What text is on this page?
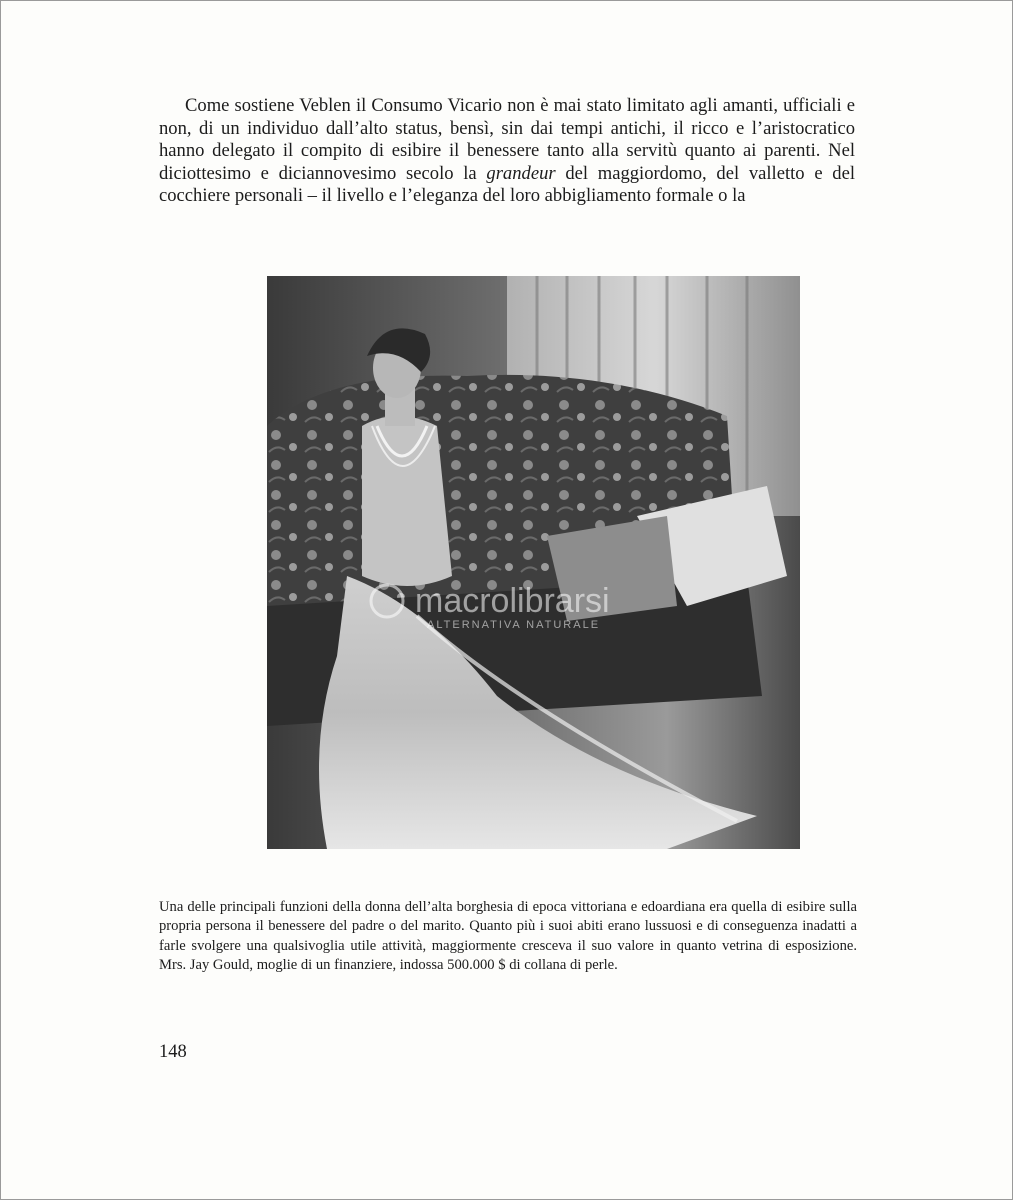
Come sostiene Veblen il Consumo Vicario non è mai stato limitato agli amanti, ufficiali e non, di un individuo dall’alto status, bensì, sin dai tempi antichi, il ricco e l’aristocratico hanno delegato il compito di esibire il benessere tanto alla servitù quanto ai parenti. Nel diciottesimo e diciannovesimo secolo la grandeur del maggiordomo, del valletto e del cocchiere personali – il livello e l’eleganza del loro abbigliamento formale o la

macrolibrarsi
ALTERNATIVA NATURALE

Una delle principali funzioni della donna dell’alta borghesia di epoca vittoriana e edoardiana era quella di esibire sulla propria persona il benessere del padre o del marito. Quanto più i suoi abiti erano lussuosi e di conseguenza inadatti a farle svolgere una qualsivoglia utile attività, maggiormente cresceva il suo valore in quanto vetrina di esposizione. Mrs. Jay Gould, moglie di un finanziere, indossa 500.000 $ di collana di perle.

148
